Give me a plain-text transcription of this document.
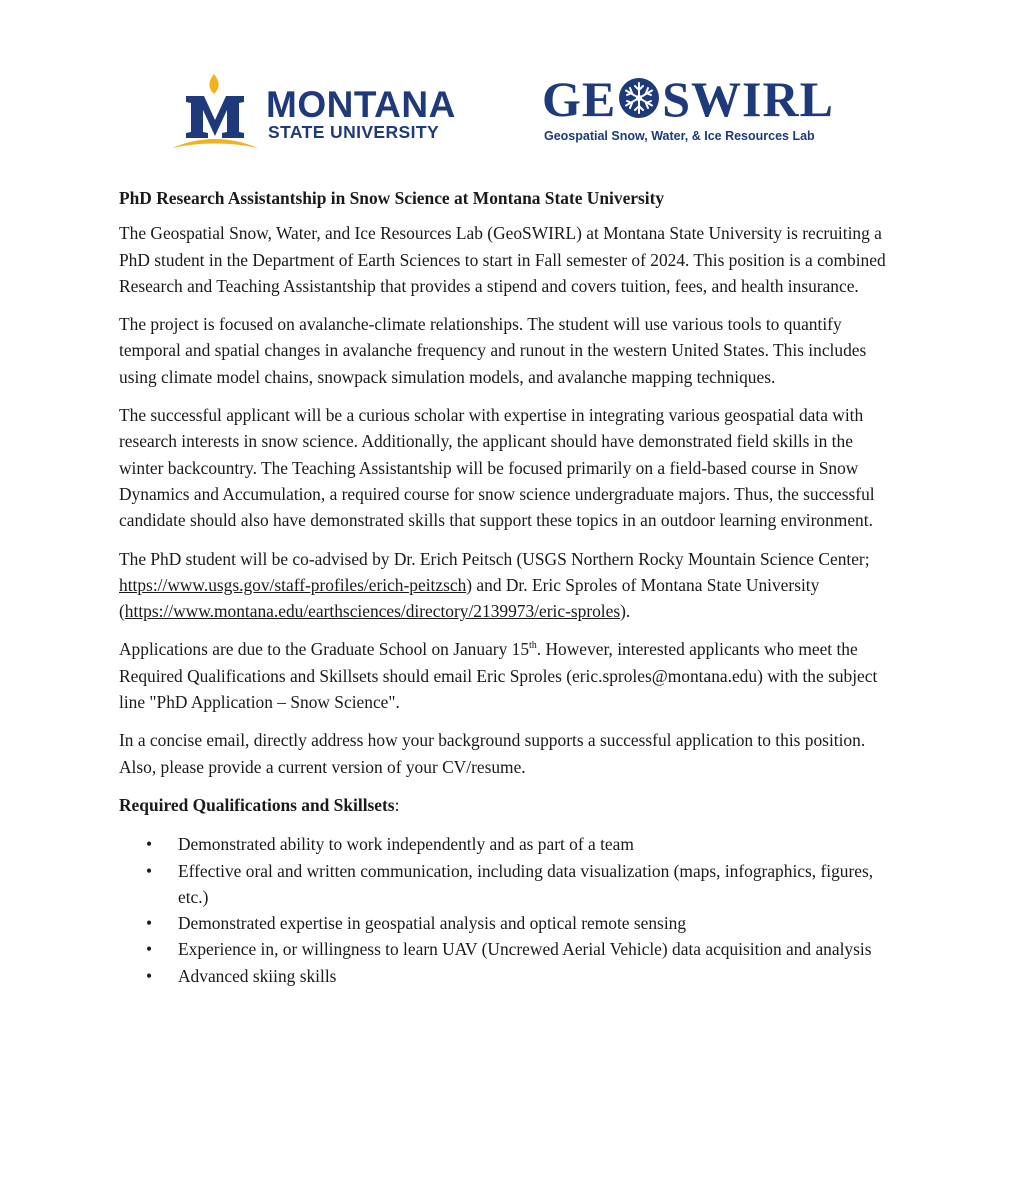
MONTANA
STATE UNIVERSITY
GE SWIRL
Geospatial Snow, Water, & Ice Resources Lab

PhD Research Assistantship in Snow Science at Montana State University

The Geospatial Snow, Water, and Ice Resources Lab (GeoSWIRL) at Montana State University is recruiting a PhD student in the Department of Earth Sciences to start in Fall semester of 2024. This position is a combined Research and Teaching Assistantship that provides a stipend and covers tuition, fees, and health insurance.

The project is focused on avalanche-climate relationships. The student will use various tools to quantify temporal and spatial changes in avalanche frequency and runout in the western United States. This includes using climate model chains, snowpack simulation models, and avalanche mapping techniques.

The successful applicant will be a curious scholar with expertise in integrating various geospatial data with research interests in snow science. Additionally, the applicant should have demonstrated field skills in the winter backcountry. The Teaching Assistantship will be focused primarily on a field-based course in Snow Dynamics and Accumulation, a required course for snow science undergraduate majors. Thus, the successful candidate should also have demonstrated skills that support these topics in an outdoor learning environment.

The PhD student will be co-advised by Dr. Erich Peitsch (USGS Northern Rocky Mountain Science Center; https://www.usgs.gov/staff-profiles/erich-peitzsch) and Dr. Eric Sproles of Montana State University (https://www.montana.edu/earthsciences/directory/2139973/eric-sproles).

Applications are due to the Graduate School on January 15th. However, interested applicants who meet the Required Qualifications and Skillsets should email Eric Sproles (eric.sproles@montana.edu) with the subject line "PhD Application – Snow Science".

In a concise email, directly address how your background supports a successful application to this position. Also, please provide a current version of your CV/resume.

Required Qualifications and Skillsets:

• Demonstrated ability to work independently and as part of a team
• Effective oral and written communication, including data visualization (maps, infographics, figures, etc.)
• Demonstrated expertise in geospatial analysis and optical remote sensing
• Experience in, or willingness to learn UAV (Uncrewed Aerial Vehicle) data acquisition and analysis
• Advanced skiing skills
